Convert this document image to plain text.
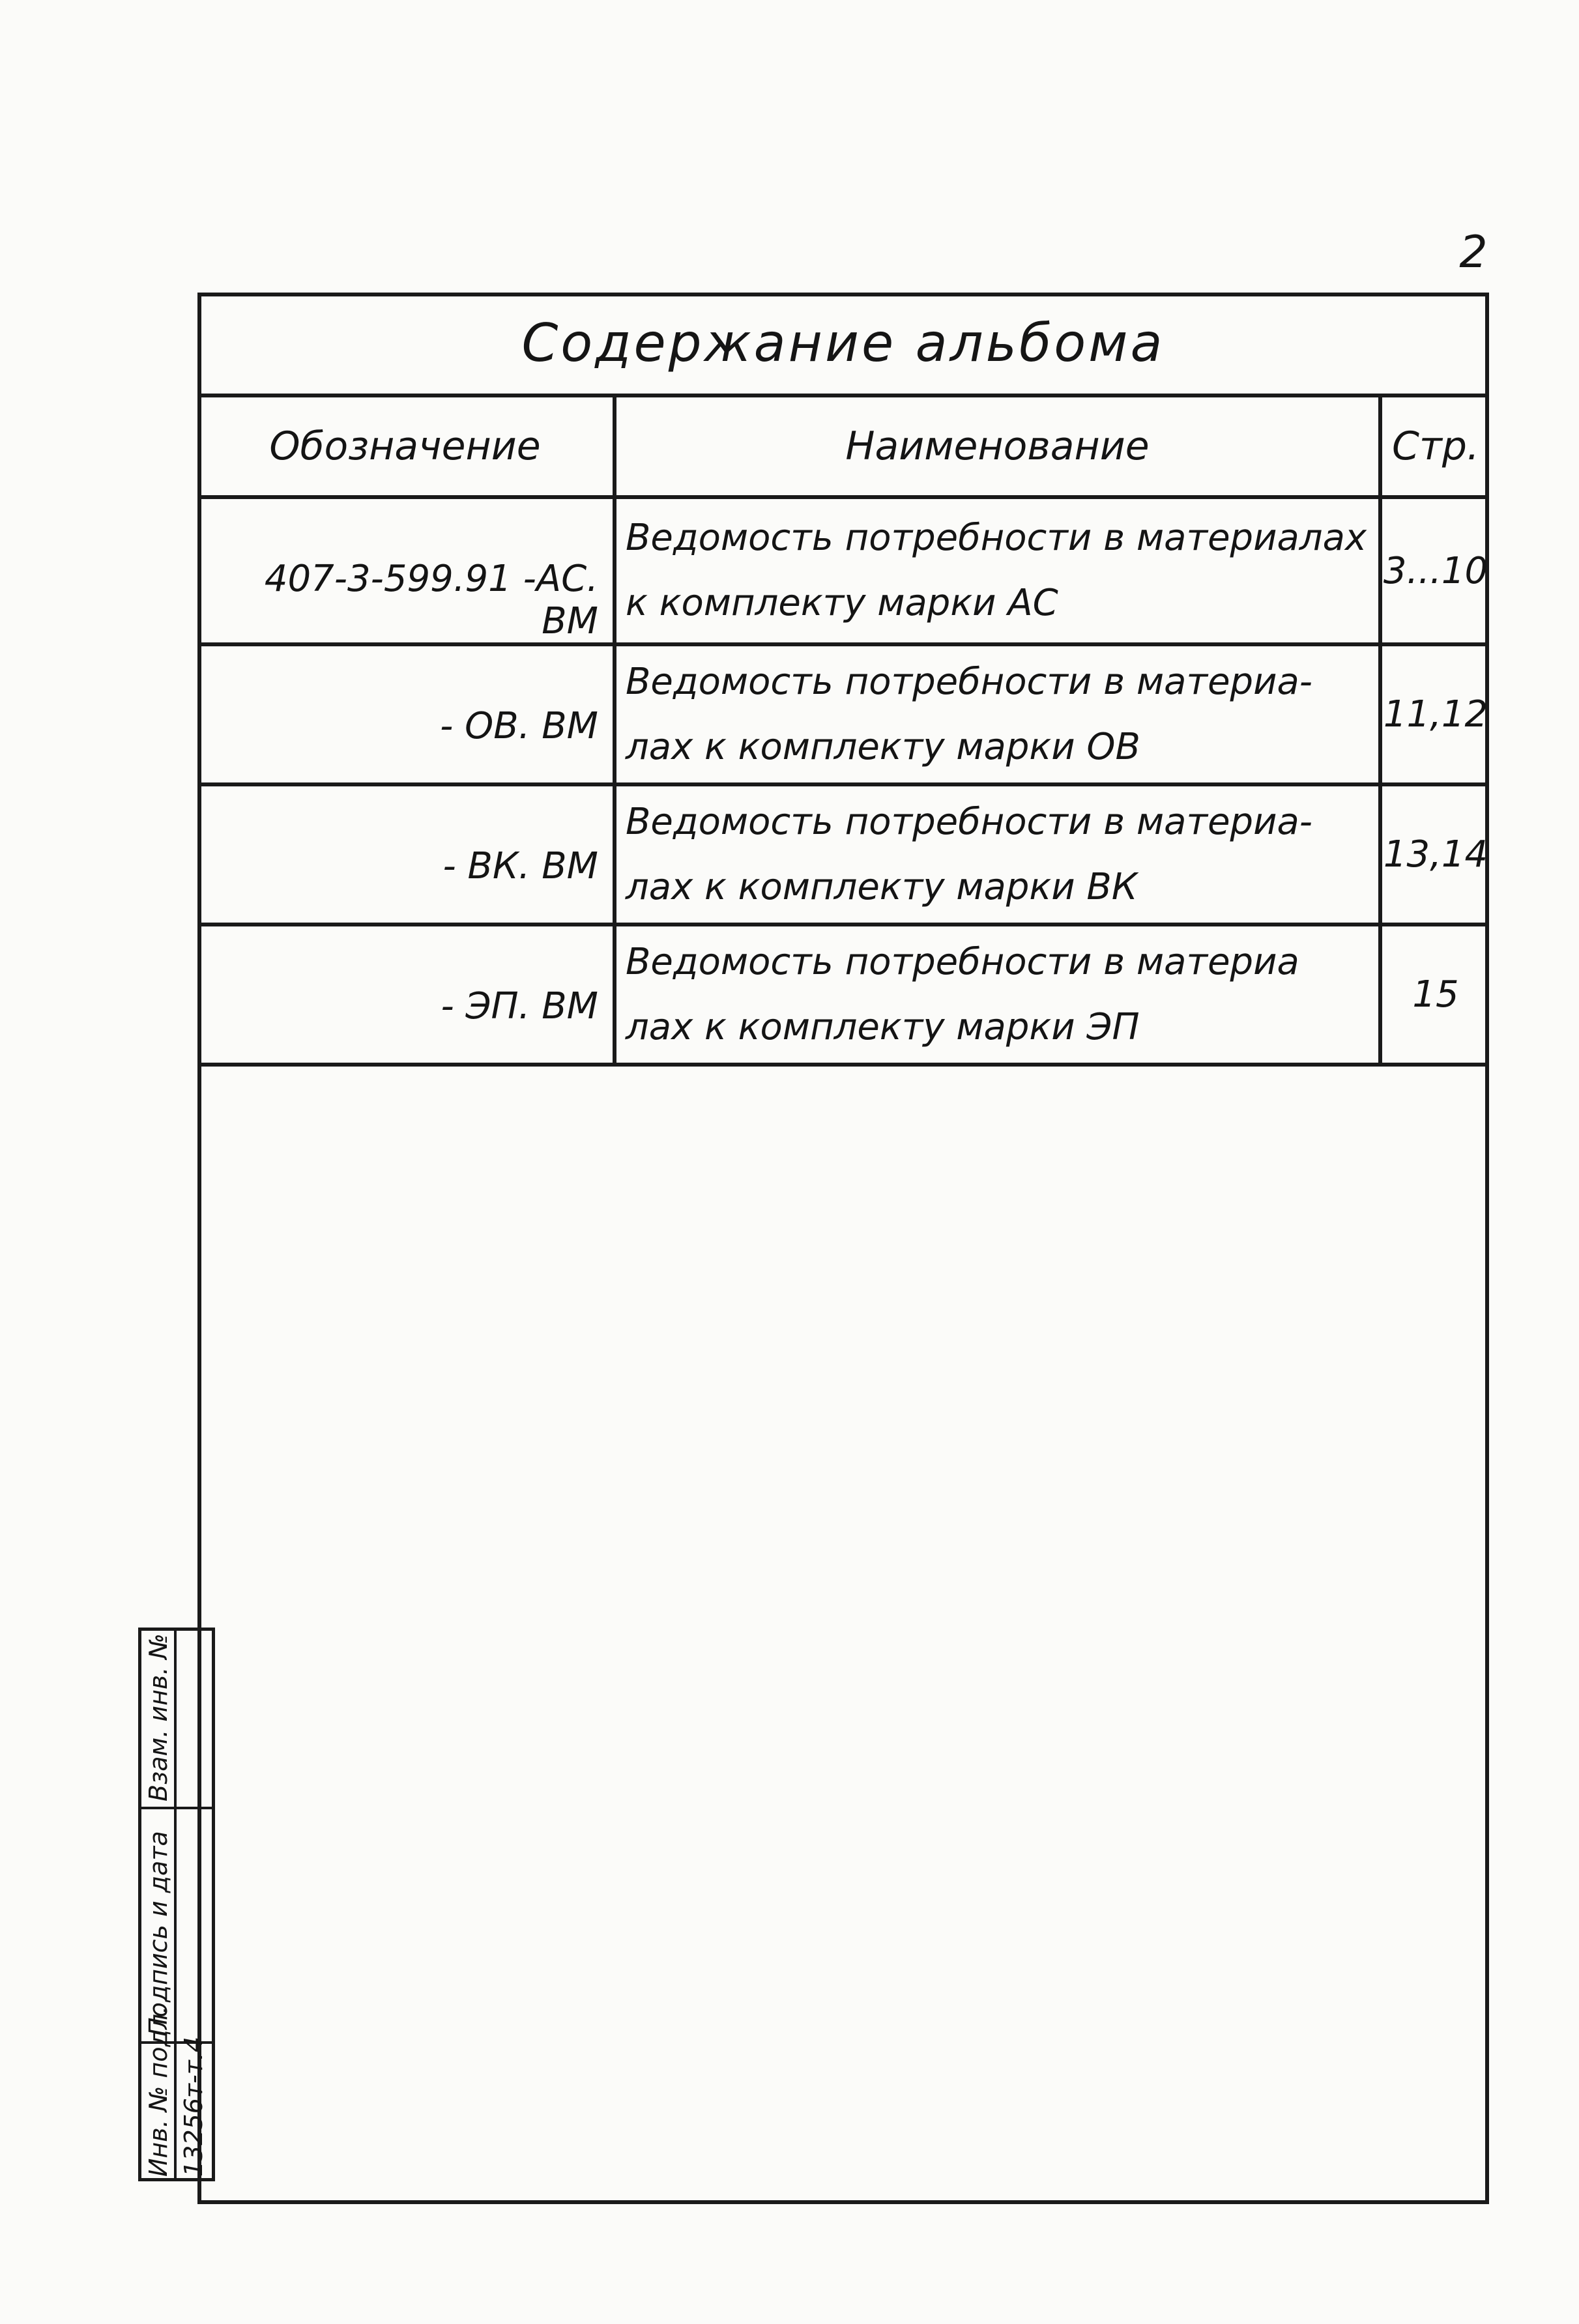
2
Содержание альбома
Обозначение	Наименование	Стр.

407-3-599.91 -АС. ВМ	Ведомость потребности в материалах
к комплекту марки АС	3...10

- ОВ. ВМ	Ведомость потребности в материа-
лах к комплекту марки ОВ	11,12

- ВК. ВМ	Ведомость потребности в материа-
лах к комплекту марки ВК	13,14

- ЭП. ВМ	Ведомость потребности в материа
лах к комплекту марки ЭП	15
Взам. инв. №
Подпись и дата
Инв. № подл. 13256т-т.4
